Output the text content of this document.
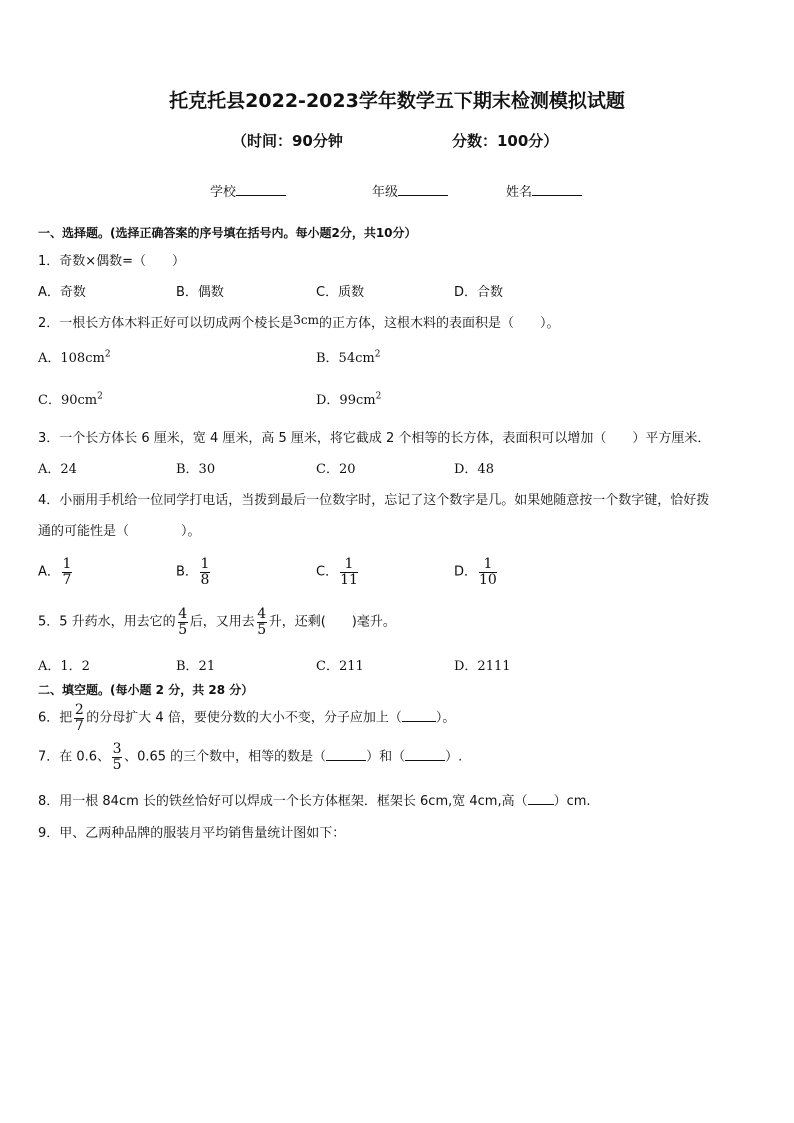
托克托县2022-2023学年数学五下期末检测模拟试题
（时间：90分钟	分数：100分）
学校	年级	姓名
一、选择题。(选择正确答案的序号填在括号内。每小题2分，共10分）
1．奇数×偶数=（　　）
A．奇数	B．偶数	C．质数	D．合数
2．一根长方体木料正好可以切成两个棱长是3cm的正方体，这根木料的表面积是（　　）。
A．$108cm^2$	B．$54cm^2$
C．$90cm^2$	D．$99cm^2$
3．一个长方体长 6 厘米，宽 4 厘米，高 5 厘米，将它截成 2 个相等的长方体，表面积可以增加（　　）平方厘米．
A．24	B．30	C．20	D．48
4．小丽用手机给一位同学打电话，当拨到最后一位数字时，忘记了这个数字是几。如果她随意按一个数字键，恰好拨
通的可能性是（　　　　）。
A． $\frac{1}{7}$	B． $\frac{1}{8}$	C． $\frac{1}{11}$	D． $\frac{1}{10}$
5．5 升药水，用去它的 $\frac{4}{5}$ 后，又用去 $\frac{4}{5}$ 升，还剩(　　)毫升。
A．1．2	B．21	C．211	D．2111
二、填空题。(每小题 2 分，共 28 分）
6．把 $\frac{2}{7}$ 的分母扩大 4 倍，要使分数的大小不变，分子应加上（	）。
7．在 0.6、 $\frac{3}{5}$ 、0.65 的三个数中，相等的数是（	）和（	）.
8．用一根 84cm 长的铁丝恰好可以焊成一个长方体框架．框架长 6cm,宽 4cm,高（ ）cm.
9．甲、乙两种品牌的服装月平均销售量统计图如下：
